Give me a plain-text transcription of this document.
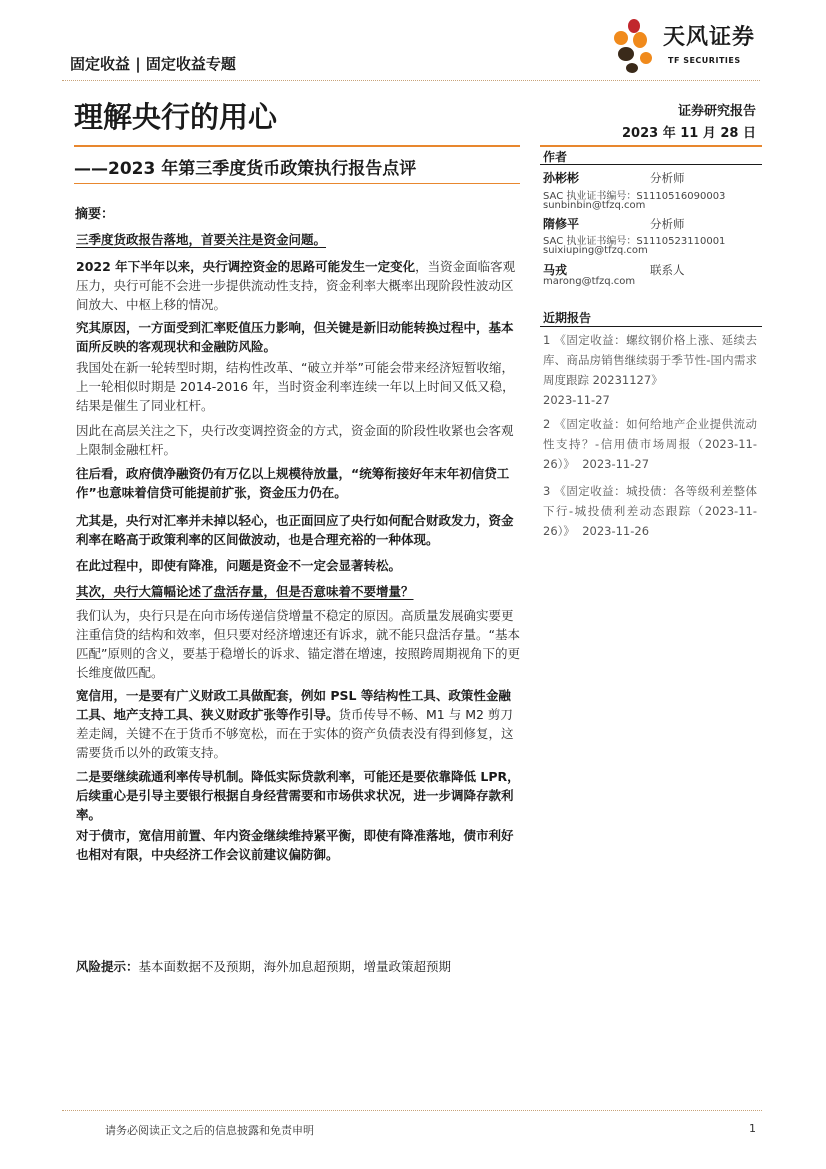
固定收益 | 固定收益专题
天风证券
TF SECURITIES
理解央行的用心	证券研究报告
2023 年 11 月 28 日
——2023 年第三季度货币政策执行报告点评
摘要：
三季度货政报告落地，首要关注是资金问题。
2022 年下半年以来，央行调控资金的思路可能发生一定变化，当资金面临客观压力，央行可能不会进一步提供流动性支持，资金利率大概率出现阶段性波动区间放大、中枢上移的情况。
究其原因，一方面受到汇率贬值压力影响，但关键是新旧动能转换过程中，基本面所反映的客观现状和金融防风险。
我国处在新一轮转型时期，结构性改革、“破立并举”可能会带来经济短暂收缩，上一轮相似时期是 2014-2016 年，当时资金利率连续一年以上时间又低又稳，结果是催生了同业杠杆。
因此在高层关注之下，央行改变调控资金的方式，资金面的阶段性收紧也会客观上限制金融杠杆。
往后看，政府债净融资仍有万亿以上规模待放量，“统筹衔接好年末年初信贷工作”也意味着信贷可能提前扩张，资金压力仍在。
尤其是，央行对汇率并未掉以轻心，也正面回应了央行如何配合财政发力，资金利率在略高于政策利率的区间做波动，也是合理充裕的一种体现。
在此过程中，即使有降准，问题是资金不一定会显著转松。
其次，央行大篇幅论述了盘活存量，但是否意味着不要增量？
我们认为，央行只是在向市场传递信贷增量不稳定的原因。高质量发展确实要更注重信贷的结构和效率，但只要对经济增速还有诉求，就不能只盘活存量。“基本匹配”原则的含义，要基于稳增长的诉求、锚定潜在增速，按照跨周期视角下的更长维度做匹配。
宽信用，一是要有广义财政工具做配套，例如 PSL 等结构性工具、政策性金融工具、地产支持工具、狭义财政扩张等作引导。货币传导不畅、M1 与 M2 剪刀差走阔，关键不在于货币不够宽松，而在于实体的资产负债表没有得到修复，这需要货币以外的政策支持。
二是要继续疏通利率传导机制。降低实际贷款利率，可能还是要依靠降低 LPR，后续重心是引导主要银行根据自身经营需要和市场供求状况，进一步调降存款利率。
对于债市，宽信用前置、年内资金继续维持紧平衡，即使有降准落地，债市利好也相对有限，中央经济工作会议前建议偏防御。
风险提示：基本面数据不及预期，海外加息超预期，增量政策超预期
作者
孙彬彬	分析师
SAC 执业证书编号：S1110516090003
sunbinbin@tfzq.com
隋修平	分析师
SAC 执业证书编号：S1110523110001
suixiuping@tfzq.com
马戎	联系人
marong@tfzq.com
近期报告
1 《固定收益：螺纹钢价格上涨、延续去库、商品房销售继续弱于季节性-国内需求周度跟踪 20231127》
2023-11-27
2 《固定收益：如何给地产企业提供流动性支持？-信用债市场周报（2023-11-26）》 2023-11-27
3 《固定收益：城投债：各等级利差整体下行-城投债利差动态跟踪（2023-11-26）》 2023-11-26
请务必阅读正文之后的信息披露和免责申明	1
